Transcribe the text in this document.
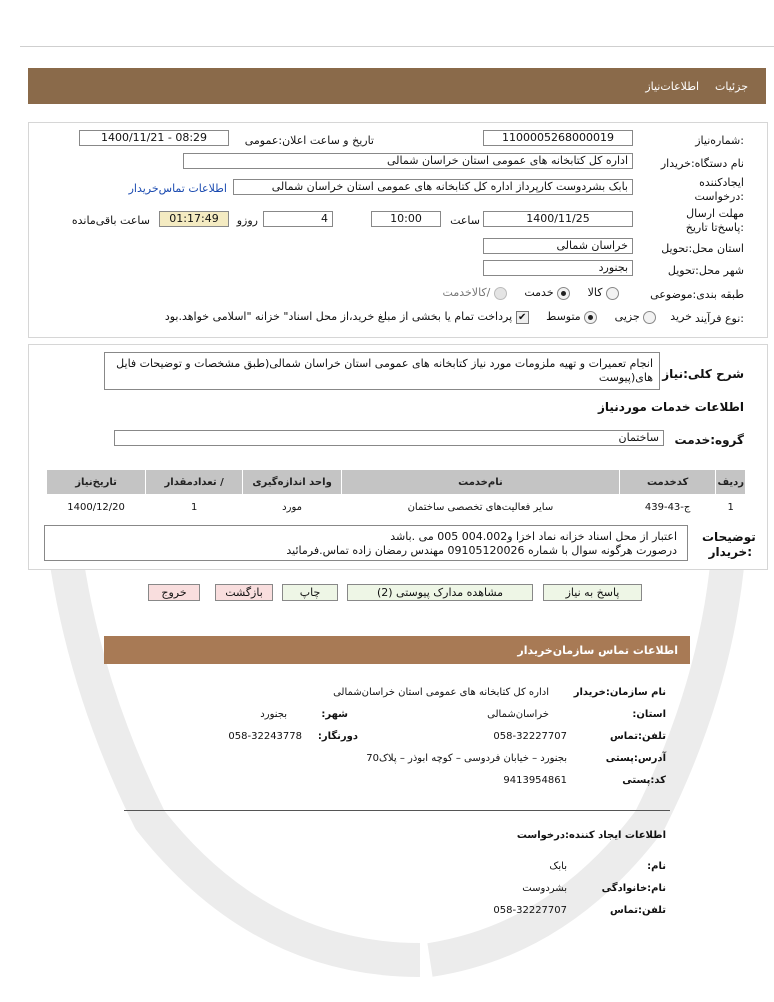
اطلاعات‌نیاز جزئیات
شماره‌نیاز:
1100005268000019
تاریخ و ساعت اعلان:عمومی
1400/11/21 - 08:29
نام دستگاه:خریدار
اداره کل کتابخانه های عمومی استان خراسان شمالی
ایجادکننده درخواست:
بابک بشردوست کارپرداز اداره کل کتابخانه های عمومی استان خراسان شمالی
اطلاعات تماس‌خریدار
مهلت ارسال :پاسخ‌تا تاریخ
1400/11/25
ساعت
10:00
4
روزو
01:17:49
ساعت باقی‌مانده
استان محل:تحویل
خراسان شمالی
شهر محل:تحویل
بجنورد
طبقه بندی:موضوعی
کالا      خدمت      /کالاخدمت
نوع فرآیند:
خرید     جزیی      متوسط     ✔ پرداخت تمام یا بخشی از مبلغ خرید،از محل اسناد" خزانه "اسلامی خواهد.بود
شرح کلی:نیاز
انجام تعمیرات و تهیه ملزومات مورد نیاز کتابخانه های عمومی استان خراسان شمالی(طبق مشخصات و توضیحات فایل های(پیوست
اطلاعات خدمات موردنیاز
گروه:خدمت
ساختمان
ردیف	کدخدمت	نام‌خدمت	واحد اندازه‌گیری	/ تعدادمقدار	تاریخ‌نیاز
1	ج-43-439	سایر فعالیت‌های تخصصی ساختمان	مورد	1	1400/12/20
توضیحات :خریدار
اعتبار از محل اسناد خزانه نماد اخزا و004.002 005 می .باشد
درصورت هرگونه سوال با شماره 09105120026 مهندس رمضان زاده تماس.فرمائید
پاسخ به نیاز
مشاهده مدارک پیوستی (2)
چاپ
بازگشت
خروج
اطلاعات تماس سازمان‌خریدار
نام سازمان:خریدار
اداره کل کتابخانه های عمومی استان خراسان‌شمالی
:استان
خراسان‌شمالی
:شهر
بجنورد
تلفن:تماس
058-32227707
:دورنگار
058-32243778
آدرس:پستی
بجنورد – خیابان فردوسی – کوچه ابوذر – پلاک70
کد:پستی
9413954861
اطلاعات ایجاد کننده:درخواست
:نام
بابک
نام:خانوادگی
بشردوست
تلفن:تماس
058-32227707
